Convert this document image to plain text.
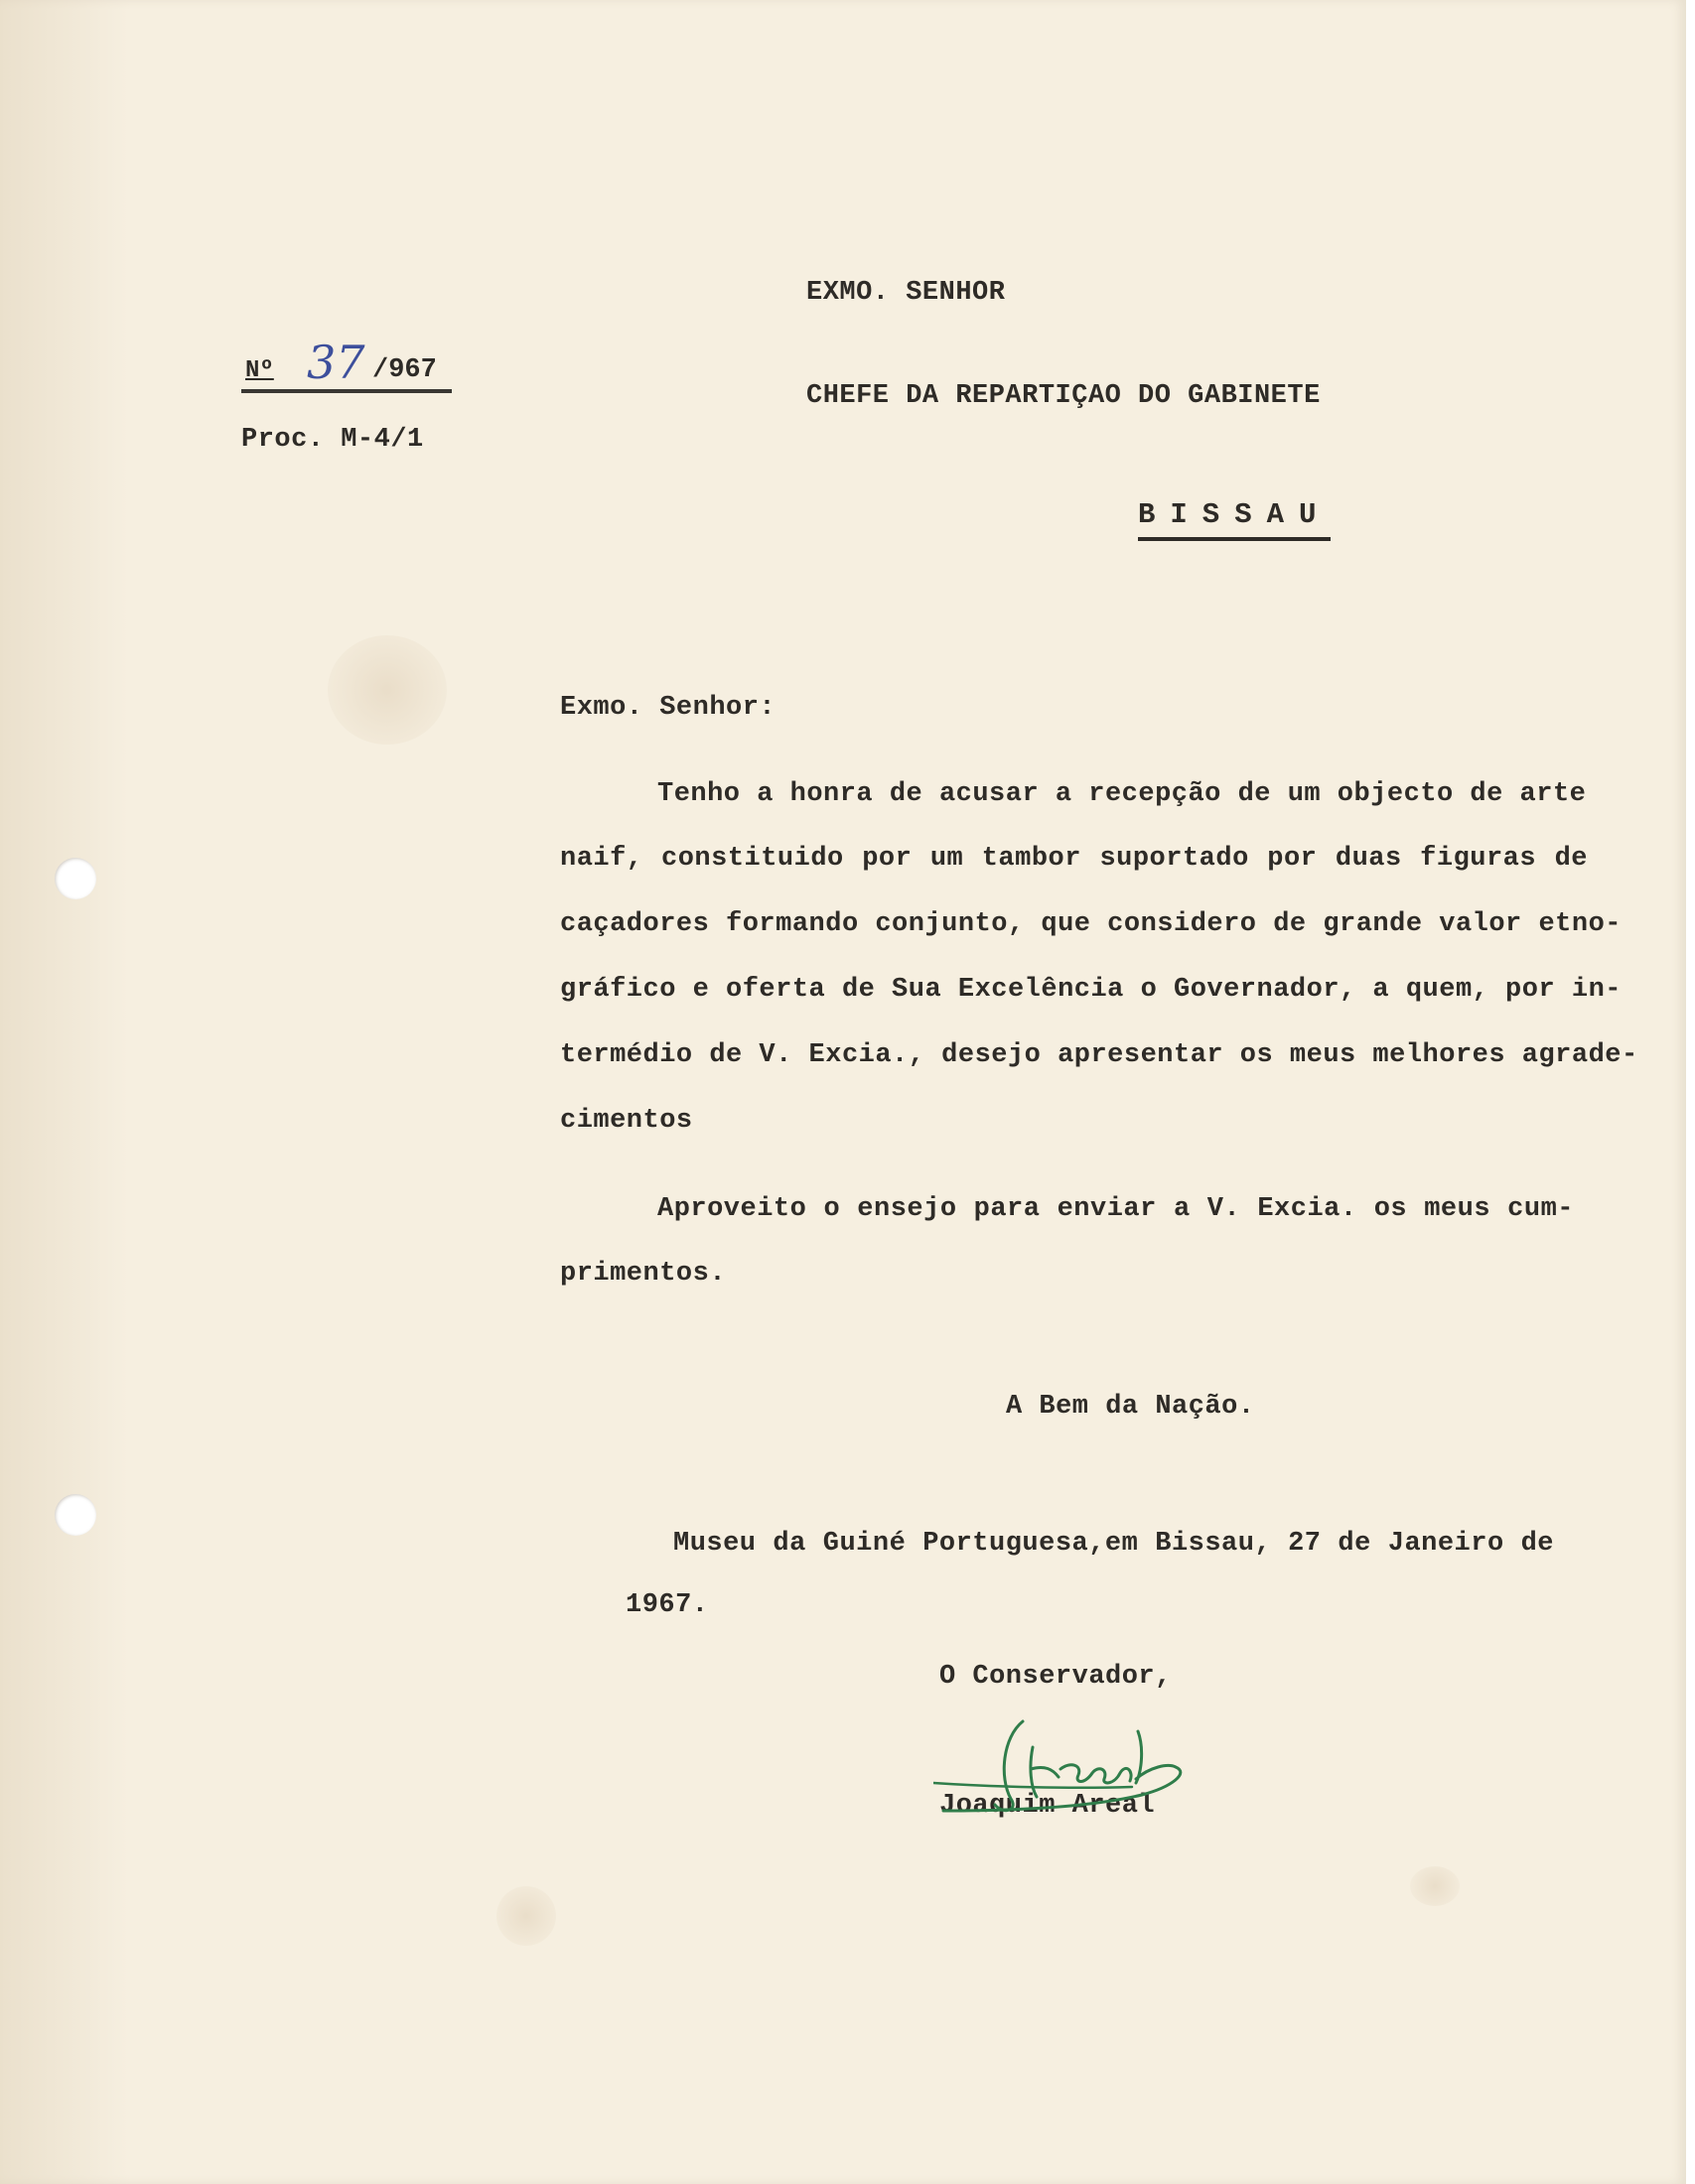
EXMO. SENHOR

CHEFE DA REPARTIÇAO DO GABINETE

BISSAU
Nº 37 /967

Proc. M-4/1

Exmo. Senhor:

Tenho a honra de acusar a recepção de um objecto de arte

naif, constituido por um tambor suportado por duas figuras de

caçadores formando conjunto, que considero de grande valor etno-

gráfico e oferta de Sua Excelência o Governador, a quem, por in-

termédio de V. Excia., desejo apresentar os meus melhores agrade-

cimentos

Aproveito o ensejo para enviar a V. Excia. os meus cum-

primentos.

A Bem da Nação.

Museu da Guiné Portuguesa,em Bissau, 27 de Janeiro de

1967.

O Conservador,

Joaquim Areal
